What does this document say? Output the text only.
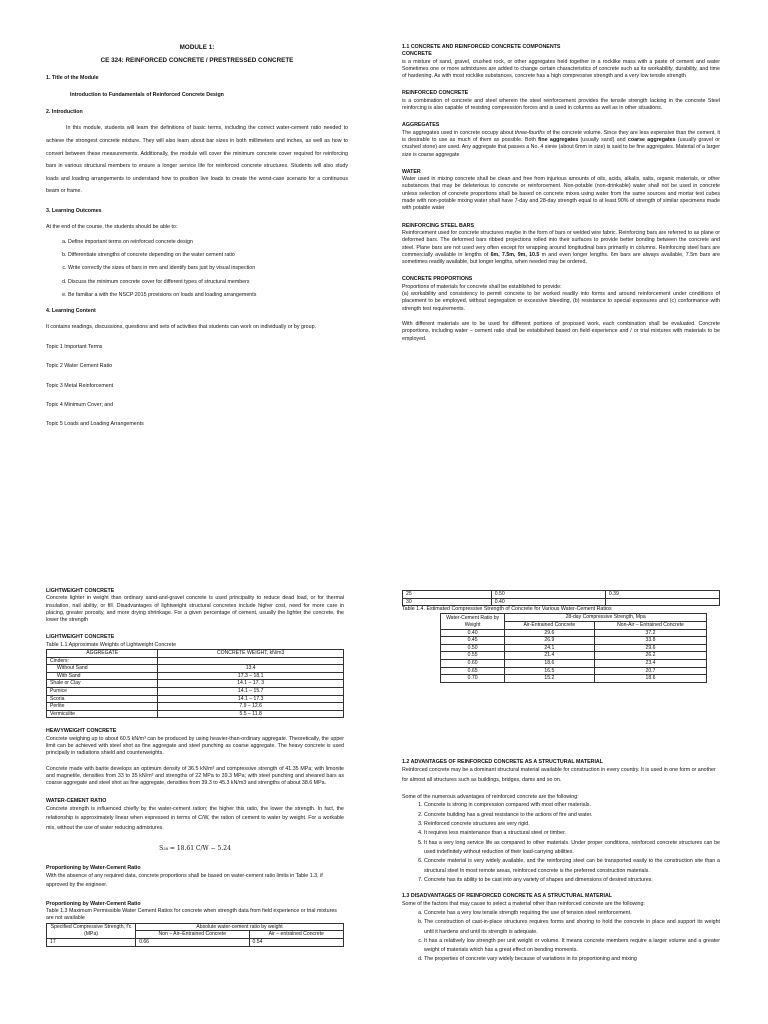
MODULE 1:
CE 324: REINFORCED CONCRETE / PRESTRESSED CONCRETE
1. Title of the Module
Introduction to Fundamentals of Reinforced Concrete Design
2. Introduction

In this module, students will learn the definitions of basic terms, including the correct water-cement ratio needed to achieve the strongest concrete mixture. They will also learn about bar sizes in both millimeters and inches, as well as how to convert between these measurements. Additionally, the module will cover the minimum concrete cover required for reinforcing bars in various structural members to ensure a longer service life for reinforced concrete structures. Students will also study loads and loading arrangements to understand how to position live loads to create the worst-case scenario for a continuous beam or frame.

3. Learning Outcomes

At the end of the course, the students should be able to:

a. Define important terms on reinforced concrete design
b. Differentiate strengths of concrete depending on the water cement ratio
c. Write correctly the sizes of bars in mm and identify bars just by visual inspection
d. Discuss the minimum concrete cover for different types of structural members
e. Be familiar a with the NSCP 2015 provisions on loads and loading arrangements
4. Learning Content

It contains readings, discussions, questions and sets of activities that students can work on individually or by group.

Topic 1 Important Terms
Topic 2 Water Cement Ratio
Topic 3 Metal Reinforcement
Topic 4 Minimum Cover; and
Topic 5 Loads and Loading Arrangements
1.1 CONCRETE AND REINFORCED CONCRETE COMPONENTS
CONCRETE

is a mixture of sand, gravel, crushed rock, or other aggregates held together in a rocklike mass with a paste of cement and water Sometimes one or more admixtures are added to change certain characteristics of concrete such as its workability, durability, and time of hardening. As with most rocklike substances, concrete has a high compressive strength and a very low tensile strength

REINFORCED CONCRETE

is a combination of concrete and steel wherein the steel reinforcement provides the tensile strength lacking in the concrete Steel reinforcing is also capable of resisting compression forces and is used in columns as well as in other situations.

AGGREGATES

The aggregates used in concrete occupy about three-fourths of the concrete volume. Since they are less expensive than the cement, it is desirable to use as much of them as possible. Both fine aggregates (usually sand) and coarse aggregates (usually gravel or crushed stone) are used. Any aggregate that passes a No. 4 sieve (about 6mm in size) is said to be fine aggregates. Material of a larger size is coarse aggregate

WATER

Water used in mixing concrete shall be clean and free from injurious amounts of oils, acids, alkalis, salts, organic materials, or other substances that may be deleterious to concrete or reinforcement. Non-potable (non-drinkable) water shall not be used in concrete unless selection of concrete proportions shall be based on concrete mixes using water from the same sources and mortar test cubes made with non-potable mixing water shall have 7-day and 28-day strength equal to at least 90% of strength of similar specimens made with potable water

REINFORCING STEEL BARS

Reinforcement used for concrete structures maybe in the form of bars or welded wire fabric. Reinforcing bars are referred to as plane or deformed bars. The deformed bars ribbed projections rolled into their surfaces to provide better bonding between the concrete and steel. Plane bars are not used very often except for wrapping around longitudinal bars primarily in columns. Reinforcing steel bars are commercially available in lengths of 6m, 7.5m, 9m, 10.5 m and even longer lengths. 6m bars are always available, 7.5m bars are sometimes readily available, but longer lengths, when needed may be ordered.

CONCRETE PROPORTIONS

Proportions of materials for concrete shall be established to provide:

(a) workability and consistency to permit concrete to be worked readily into forms and around reinforcement under conditions of placement to be employed, without segregation or excessive bleeding, (b) resistance to special exposures and (c) conformance with strength test requirements.

With different materials are to be used for different portions of proposed work, each combination shall be evaluated. Concrete proportions, including water – cement ratio shall be established based on field experience and / or trial mixtures with materials to be employed.

LIGHTWEIGHT CONCRETE

Concrete lighter in weight than ordinary sand-and-gravel concrete is used principality to reduce dead load, or for thermal insulation, nail ability, or fill. Disadvantages of lightweight structural concretes include higher cost, need for more care in placing, greater porosity, and more drying shrinkage. For a given percentage of cement, usually the lighter the concrete, the lower the strength

LIGHTWEIGHT CONCRETE
Table 1.1 Approximate Weights of Lightweight Concrete
AGGREGATE	CONCRETE WEIGHT, kN/m3
Cinders:	
Without Sand	13.4
With Sand	17.3 – 18.1
Shale or Clay	14.1 – 17. 3
Pumice	14.1 – 15.7
Scoria	14.1 – 17.3
Perlite	7.9 – 12.6
Vermiculite	5.5 – 11.8
HEAVYWEIGHT CONCRETE

Concrete weighing up to about 60.5 kN/m³ can be produced by using heavier-than-ordinary aggregate. Theoretically, the upper limit can be achieved with steel shot as fine aggregate and steel punching as coarse aggregate. The heavy concrete is used principally in radiations shield and counterweights.

Concrete made with barite develops an optimum density of 36.5 kN/m³ and compressive strength of 41.35 MPa; with limonite and magnetite, densities from 33 to 35 kN/m³ and strengths of 22 MPa to 39.3 MPa; with steel punching and sheared bars as coarse aggregate and steel shot as fine aggregate, densities from 39.3 to 45.3 kN/m3 and strengths of about 38.6 MPa.

WATER-CEMENT RATIO

Concrete strength is influenced chiefly by the water-cement ration; the higher this ratio, the lower the strength. In fact, the relationship is approximately linear when expressed in terms of C/W, the ration of cement to water by weight. For a workable mix, without the use of water reducing admixtures.

S₂₈ = 18.61 C/W − 5.24
Proportioning by Water-Cement Ratio

With the absence of any required data, concrete proportions shall be based on water-cement ratio limits in Table 1.3, if approved by the engineer.

Proportioning by Water-Cement Ratio

Table 1.3 Maximum Permissible Water Cement Ratios for concrete when strength data from field experience or trial mixtures are not available

Specified Compressive Strength, f'c (MPa)	Absolute water-cement ratio by weight	
	Non – Air–Entrained Concrete	Air – entrained Concrete
17	0.66	0.54
25	0.50	0.39
30	0.40	
Table 1.4. Estimated Compressive Strength of Concrete for Various Water-Cement Ratios
Water-Cement Ratio by Weight	28-day Compressive Strength, Mpa	
	Air-Entrained Concrete	Non-Air – Entrained Concrete
0.40	29.6	37.2
0.45	26.9	33.8
0.50	24.1	29.6
0.55	21.4	26.2
0.60	18.6	23.4
0.65	16.5	20.7
0.70	15.2	18.6
1.2 ADVANTAGES OF REINFORCED CONCRETE AS A STRUCTURAL MATERIAL

Reinforced concrete may be a dominant structural material available for construction in every country. It is used in one form or another for almost all structures such as buildings, bridges, dams and so on.

Some of the numerous advantages of reinforced concrete are the following:

1. Concrete is strong in compression compared with most other materials.
2. Concrete building has a great resistance to the actions of fire and water.
3. Reinforced concrete structures are very rigid.
4. It requires less maintenance than a structural steel or timber.
5. It has a very long service life as compared to other materials. Under proper conditions, reinforced concrete structures can be used indefinitely without reduction of their load-carrying abilities.
6. Concrete material is very widely available, and the reinforcing steel can be transported easily to the construction site than a structural steel In most remote areas, reinforced concrete is the preferred construction materials.
7. Concrete has its ability to be cast into any variety of shapes and dimensions of desired structures.
1.3 DISADVANTAGES OF REINFORCED CONCRETE AS A STRUCTURAL MATERIAL

Some of the factors that may cause to select a material other than reinforced concrete are the following:

a. Concrete has a very low tensile strength requiring the use of tension steel reinforcement.
b. The construction of cast-in-place structures requires forms and shoring to hold the concrete in place and support its weight until it hardens and until its strength is adequate.
c. It has a relatively low strength per unit weight or volume. It means concrete members require a larger volume and a greater weight of materials which has a great effect on bending moments.
d. The properties of concrete vary widely because of variations in its proportioning and mixing
